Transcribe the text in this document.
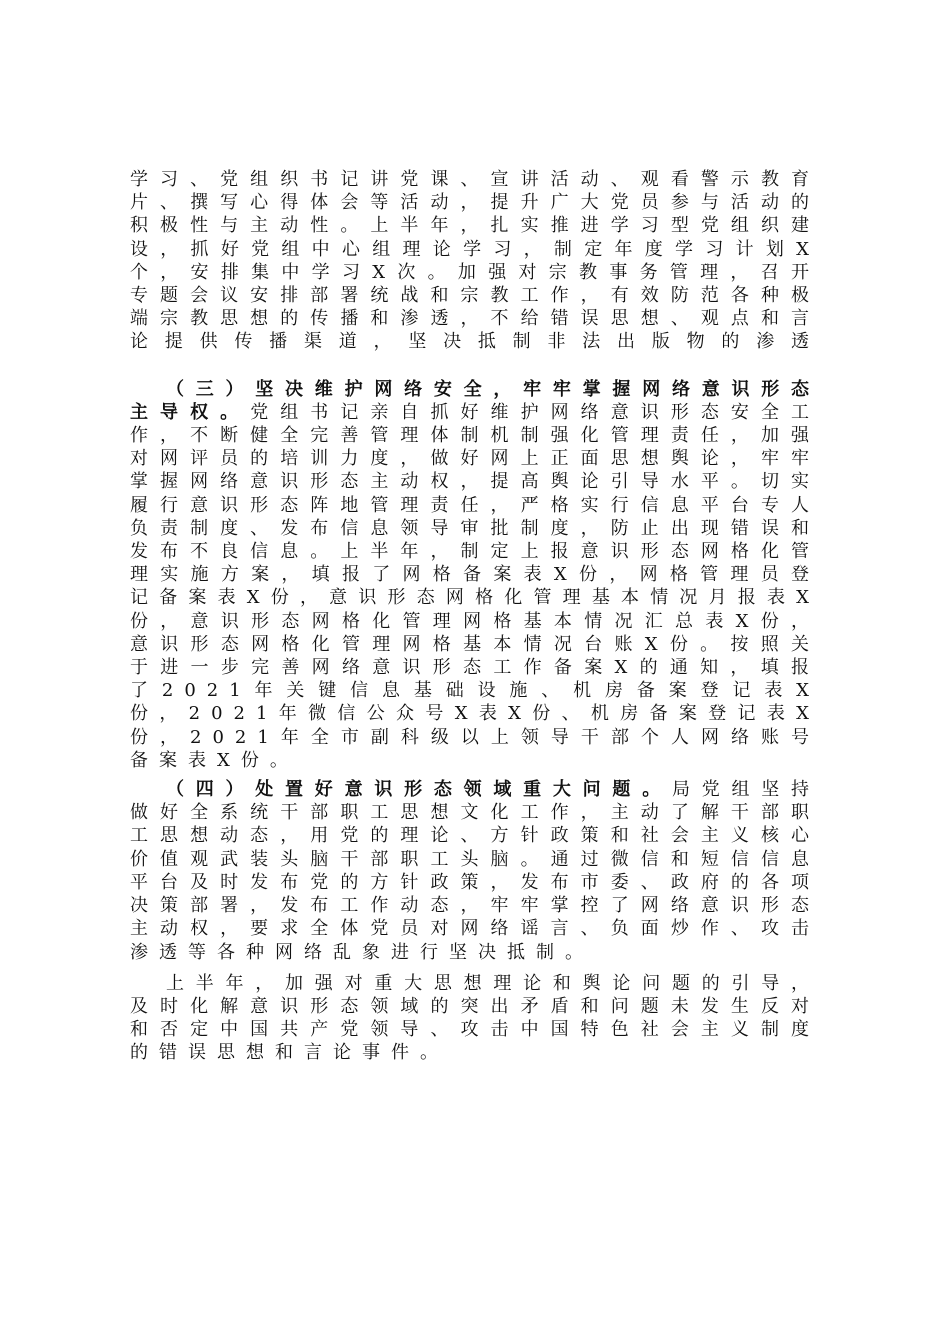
学习、党组织书记讲党课、宣讲活动、观看警示教育片、撰写心得体会等活动，提升广大党员参与活动的积极性与主动性。上半年，扎实推进学习型党组织建设，抓好党组中心组理论学习，制定年度学习计划X个，安排集中学习X次。加强对宗教事务管理，召开专题会议安排部署统战和宗教工作，有效防范各种极端宗教思想的传播和渗透，不给错误思想、观点和言论提供传播渠道，坚决抵制非法出版物的渗透

（三）坚决维护网络安全，牢牢掌握网络意识形态主导权。党组书记亲自抓好维护网络意识形态安全工作，不断健全完善管理体制机制强化管理责任，加强对网评员的培训力度，做好网上正面思想舆论，牢牢掌握网络意识形态主动权，提高舆论引导水平。切实履行意识形态阵地管理责任，严格实行信息平台专人负责制度、发布信息领导审批制度，防止出现错误和发布不良信息。上半年，制定上报意识形态网格化管理实施方案，填报了网格备案表X份，网格管理员登记备案表X份，意识形态网格化管理基本情况月报表X份，意识形态网格化管理网格基本情况汇总表X份，意识形态网格化管理网格基本情况台账X份。按照关于进一步完善网络意识形态工作备案X的通知，填报了2021年关键信息基础设施、机房备案登记表X份，2021年微信公众号X表X份、机房备案登记表X份，2021年全市副科级以上领导干部个人网络账号备案表X份。

（四）处置好意识形态领域重大问题。局党组坚持做好全系统干部职工思想文化工作，主动了解干部职工思想动态，用党的理论、方针政策和社会主义核心价值观武装头脑干部职工头脑。通过微信和短信信息平台及时发布党的方针政策，发布市委、政府的各项决策部署，发布工作动态，牢牢掌控了网络意识形态主动权，要求全体党员对网络谣言、负面炒作、攻击渗透等各种网络乱象进行坚决抵制。

上半年，加强对重大思想理论和舆论问题的引导，及时化解意识形态领域的突出矛盾和问题未发生反对和否定中国共产党领导、攻击中国特色社会主义制度的错误思想和言论事件。
